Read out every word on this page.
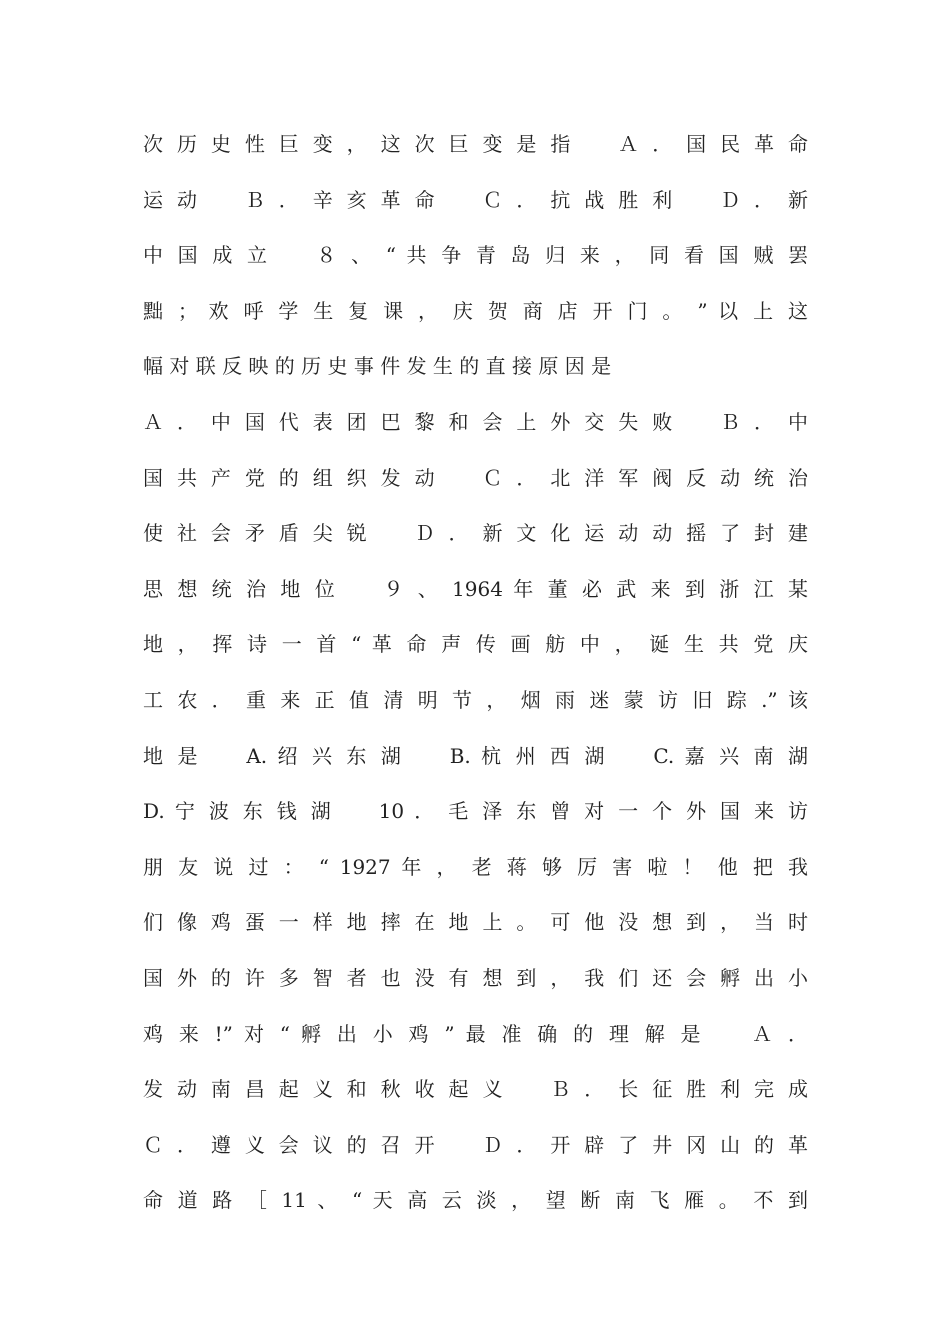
次 历 史 性 巨 变 ， 这 次 巨 变 是 指 　 Ａ ． 国 民 革 命
运 动 　 Ｂ ． 辛 亥 革 命 　 Ｃ ． 抗 战 胜 利 　 Ｄ ． 新
中 国 成 立 　 ８ 、 “ 共 争 青 岛 归 来 ， 同 看 国 贼 罢
黜 ； 欢 呼 学 生 复 课 ， 庆 贺 商 店 开 门 。 ” 以 上 这
幅 对 联 反 映 的 历 史 事 件 发 生 的 直 接 原 因 是
Ａ ． 中 国 代 表 团 巴 黎 和 会 上 外 交 失 败 　 Ｂ ． 中
国 共 产 党 的 组 织 发 动 　 Ｃ ． 北 洋 军 阀 反 动 统 治
使 社 会 矛 盾 尖 锐 　 Ｄ ． 新 文 化 运 动 动 摇 了 封 建
思 想 统 治 地 位 　 ９ 、 1964 年 董 必 武 来 到 浙 江 某
地 ， 挥 诗 一 首 “ 革 命 声 传 画 舫 中 ， 诞 生 共 党 庆
工 农 ． 重 来 正 值 清 明 节 ， 烟 雨 迷 蒙 访 旧 踪 .” 该
地 是 　 A. 绍 兴 东 湖 　 B. 杭 州 西 湖 　 C. 嘉 兴 南 湖
D. 宁 波 东 钱 湖 　 10 ． 毛 泽 东 曾 对 一 个 外 国 来 访
朋 友 说 过 ： “ 1927 年 ， 老 蒋 够 厉 害 啦 ！ 他 把 我
们 像 鸡 蛋 一 样 地 摔 在 地 上 。 可 他 没 想 到 ， 当 时
国 外 的 许 多 智 者 也 没 有 想 到 ， 我 们 还 会 孵 出 小
鸡 来 !” 对 “ 孵 出 小 鸡 ” 最 准 确 的 理 解 是 　 Ａ ．
发 动 南 昌 起 义 和 秋 收 起 义 　 Ｂ ． 长 征 胜 利 完 成
Ｃ ． 遵 义 会 议 的 召 开 　 Ｄ ． 开 辟 了 井 冈 山 的 革
命 道 路 ［ 11 、 “ 天 高 云 淡 ， 望 断 南 飞 雁 。 不 到
